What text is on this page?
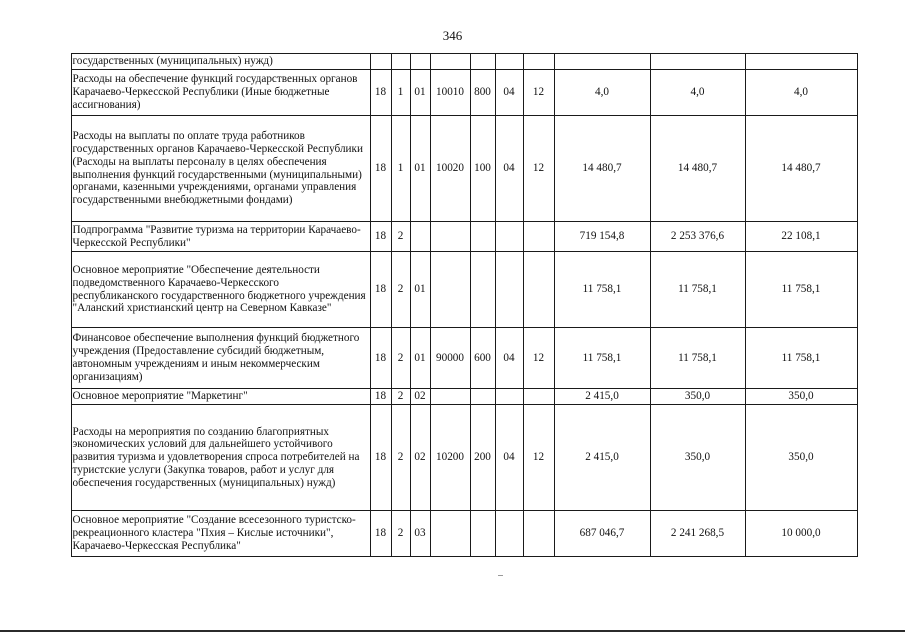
346
	государственных (муниципальных) нужд)										
	Расходы на обеспечение функций государственных органов Карачаево-Черкесской Республики (Иные бюджетные ассигнования)	18	1	01	10010	800	04	12	4,0	4,0	4,0
	Расходы на выплаты по оплате труда работников государственных органов Карачаево-Черкесской Республики (Расходы на выплаты персоналу в целях обеспечения выполнения функций государственными (муниципальными) органами, казенными учреждениями, органами управления государственными внебюджетными фондами)	18	1	01	10020	100	04	12	14 480,7	14 480,7	14 480,7
	Подпрограмма "Развитие туризма на территории Карачаево-Черкесской Республики"	18	2						719 154,8	2 253 376,6	22 108,1
	Основное мероприятие "Обеспечение деятельности подведомственного Карачаево-Черкесского республиканского государственного бюджетного учреждения "Аланский христианский центр на Северном Кавказе"	18	2	01					11 758,1	11 758,1	11 758,1
	Финансовое обеспечение выполнения функций бюджетного учреждения (Предоставление субсидий бюджетным, автономным учреждениям и иным некоммерческим организациям)	18	2	01	90000	600	04	12	11 758,1	11 758,1	11 758,1
	Основное мероприятие "Маркетинг"	18	2	02					2 415,0	350,0	350,0
	Расходы на мероприятия по созданию благоприятных экономических условий для дальнейшего устойчивого развития туризма и удовлетворения спроса потребителей на туристские услуги (Закупка товаров, работ и услуг для обеспечения государственных (муниципальных) нужд)	18	2	02	10200	200	04	12	2 415,0	350,0	350,0
	Основное мероприятие "Создание всесезонного туристско-рекреационного кластера "Пхия – Кислые источники", Карачаево-Черкесская Республика"	18	2	03					687 046,7	2 241 268,5	10 000,0
